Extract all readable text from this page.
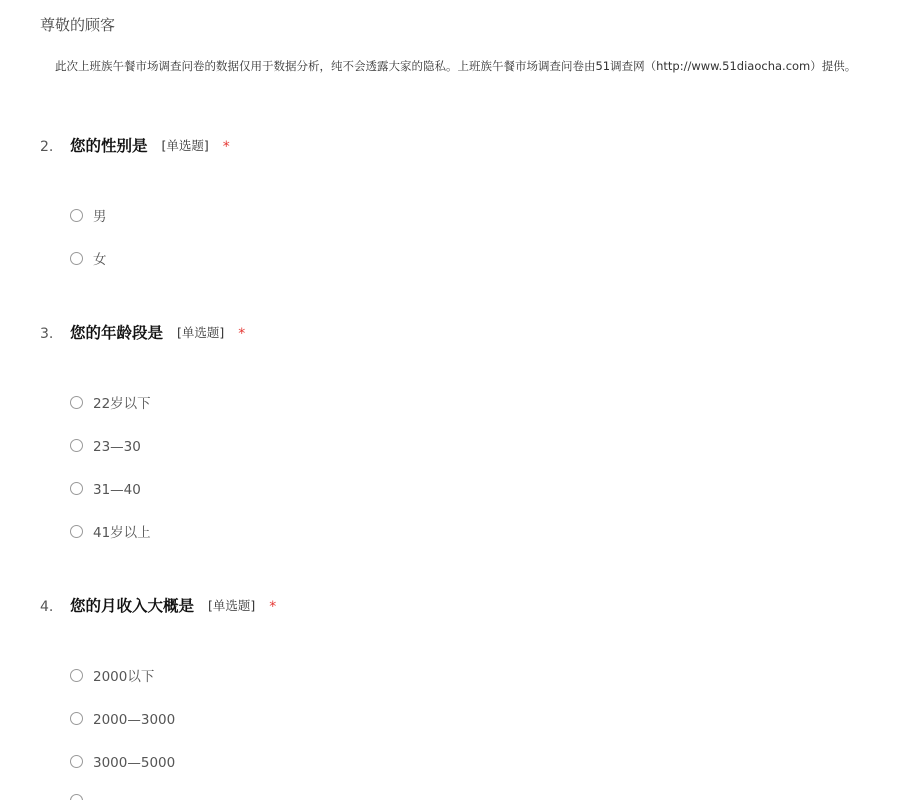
尊敬的顾客
此次上班族午餐市场调查问卷的数据仅用于数据分析，纯不会透露大家的隐私。上班族午餐市场调查问卷由51调查网（http://www.51diaocha.com）提供。
2. 您的性别是 [单选题] *
男
女
3. 您的年龄段是 [单选题] *
22岁以下
23—30
31—40
41岁以上
4. 您的月收入大概是 [单选题] *
2000以下
2000—3000
3000—5000
